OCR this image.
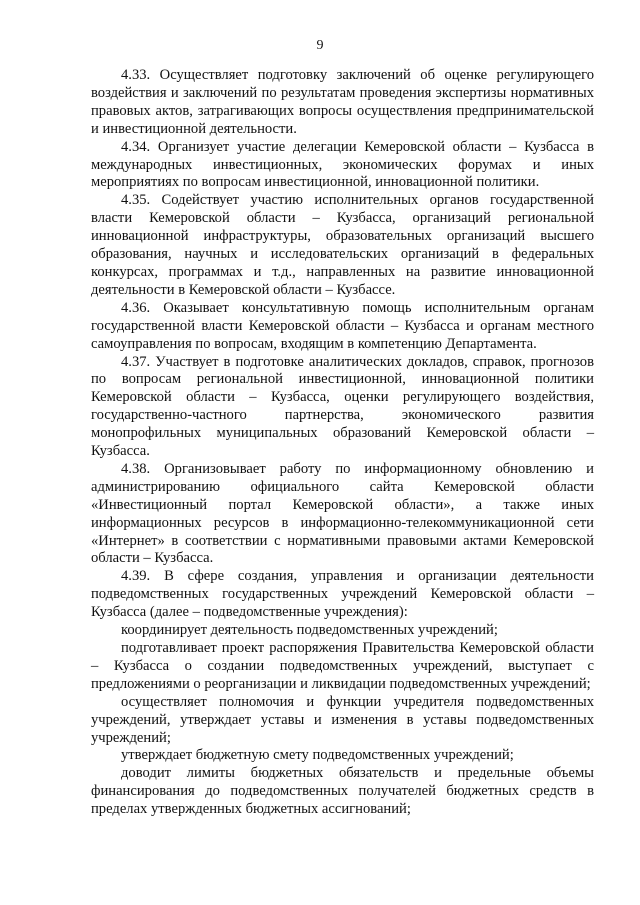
9

4.33. Осуществляет подготовку заключений об оценке регулирующего воздействия и заключений по результатам проведения экспертизы нормативных правовых актов, затрагивающих вопросы осуществления предпринимательской и инвестиционной деятельности.

4.34. Организует участие делегации Кемеровской области – Кузбасса в международных инвестиционных, экономических форумах и иных мероприятиях по вопросам инвестиционной, инновационной политики.

4.35. Содействует участию исполнительных органов государственной власти Кемеровской области – Кузбасса, организаций региональной инновационной инфраструктуры, образовательных организаций высшего образования, научных и исследовательских организаций в федеральных конкурсах, программах и т.д., направленных на развитие инновационной деятельности в Кемеровской области – Кузбассе.

4.36. Оказывает консультативную помощь исполнительным органам государственной власти Кемеровской области – Кузбасса и органам местного самоуправления по вопросам, входящим в компетенцию Департамента.

4.37. Участвует в подготовке аналитических докладов, справок, прогнозов по вопросам региональной инвестиционной, инновационной политики Кемеровской области – Кузбасса, оценки регулирующего воздействия, государственно-частного партнерства, экономического развития монопрофильных муниципальных образований Кемеровской области – Кузбасса.

4.38. Организовывает работу по информационному обновлению и администрированию официального сайта Кемеровской области «Инвестиционный портал Кемеровской области», а также иных информационных ресурсов в информационно-телекоммуникационной сети «Интернет» в соответствии с нормативными правовыми актами Кемеровской области – Кузбасса.

4.39. В сфере создания, управления и организации деятельности подведомственных государственных учреждений Кемеровской области – Кузбасса (далее – подведомственные учреждения):

координирует деятельность подведомственных учреждений;

подготавливает проект распоряжения Правительства Кемеровской области – Кузбасса о создании подведомственных учреждений, выступает с предложениями о реорганизации и ликвидации подведомственных учреждений;

осуществляет полномочия и функции учредителя подведомственных учреждений, утверждает уставы и изменения в уставы подведомственных учреждений;

утверждает бюджетную смету подведомственных учреждений;

доводит лимиты бюджетных обязательств и предельные объемы финансирования до подведомственных получателей бюджетных средств в пределах утвержденных бюджетных ассигнований;
